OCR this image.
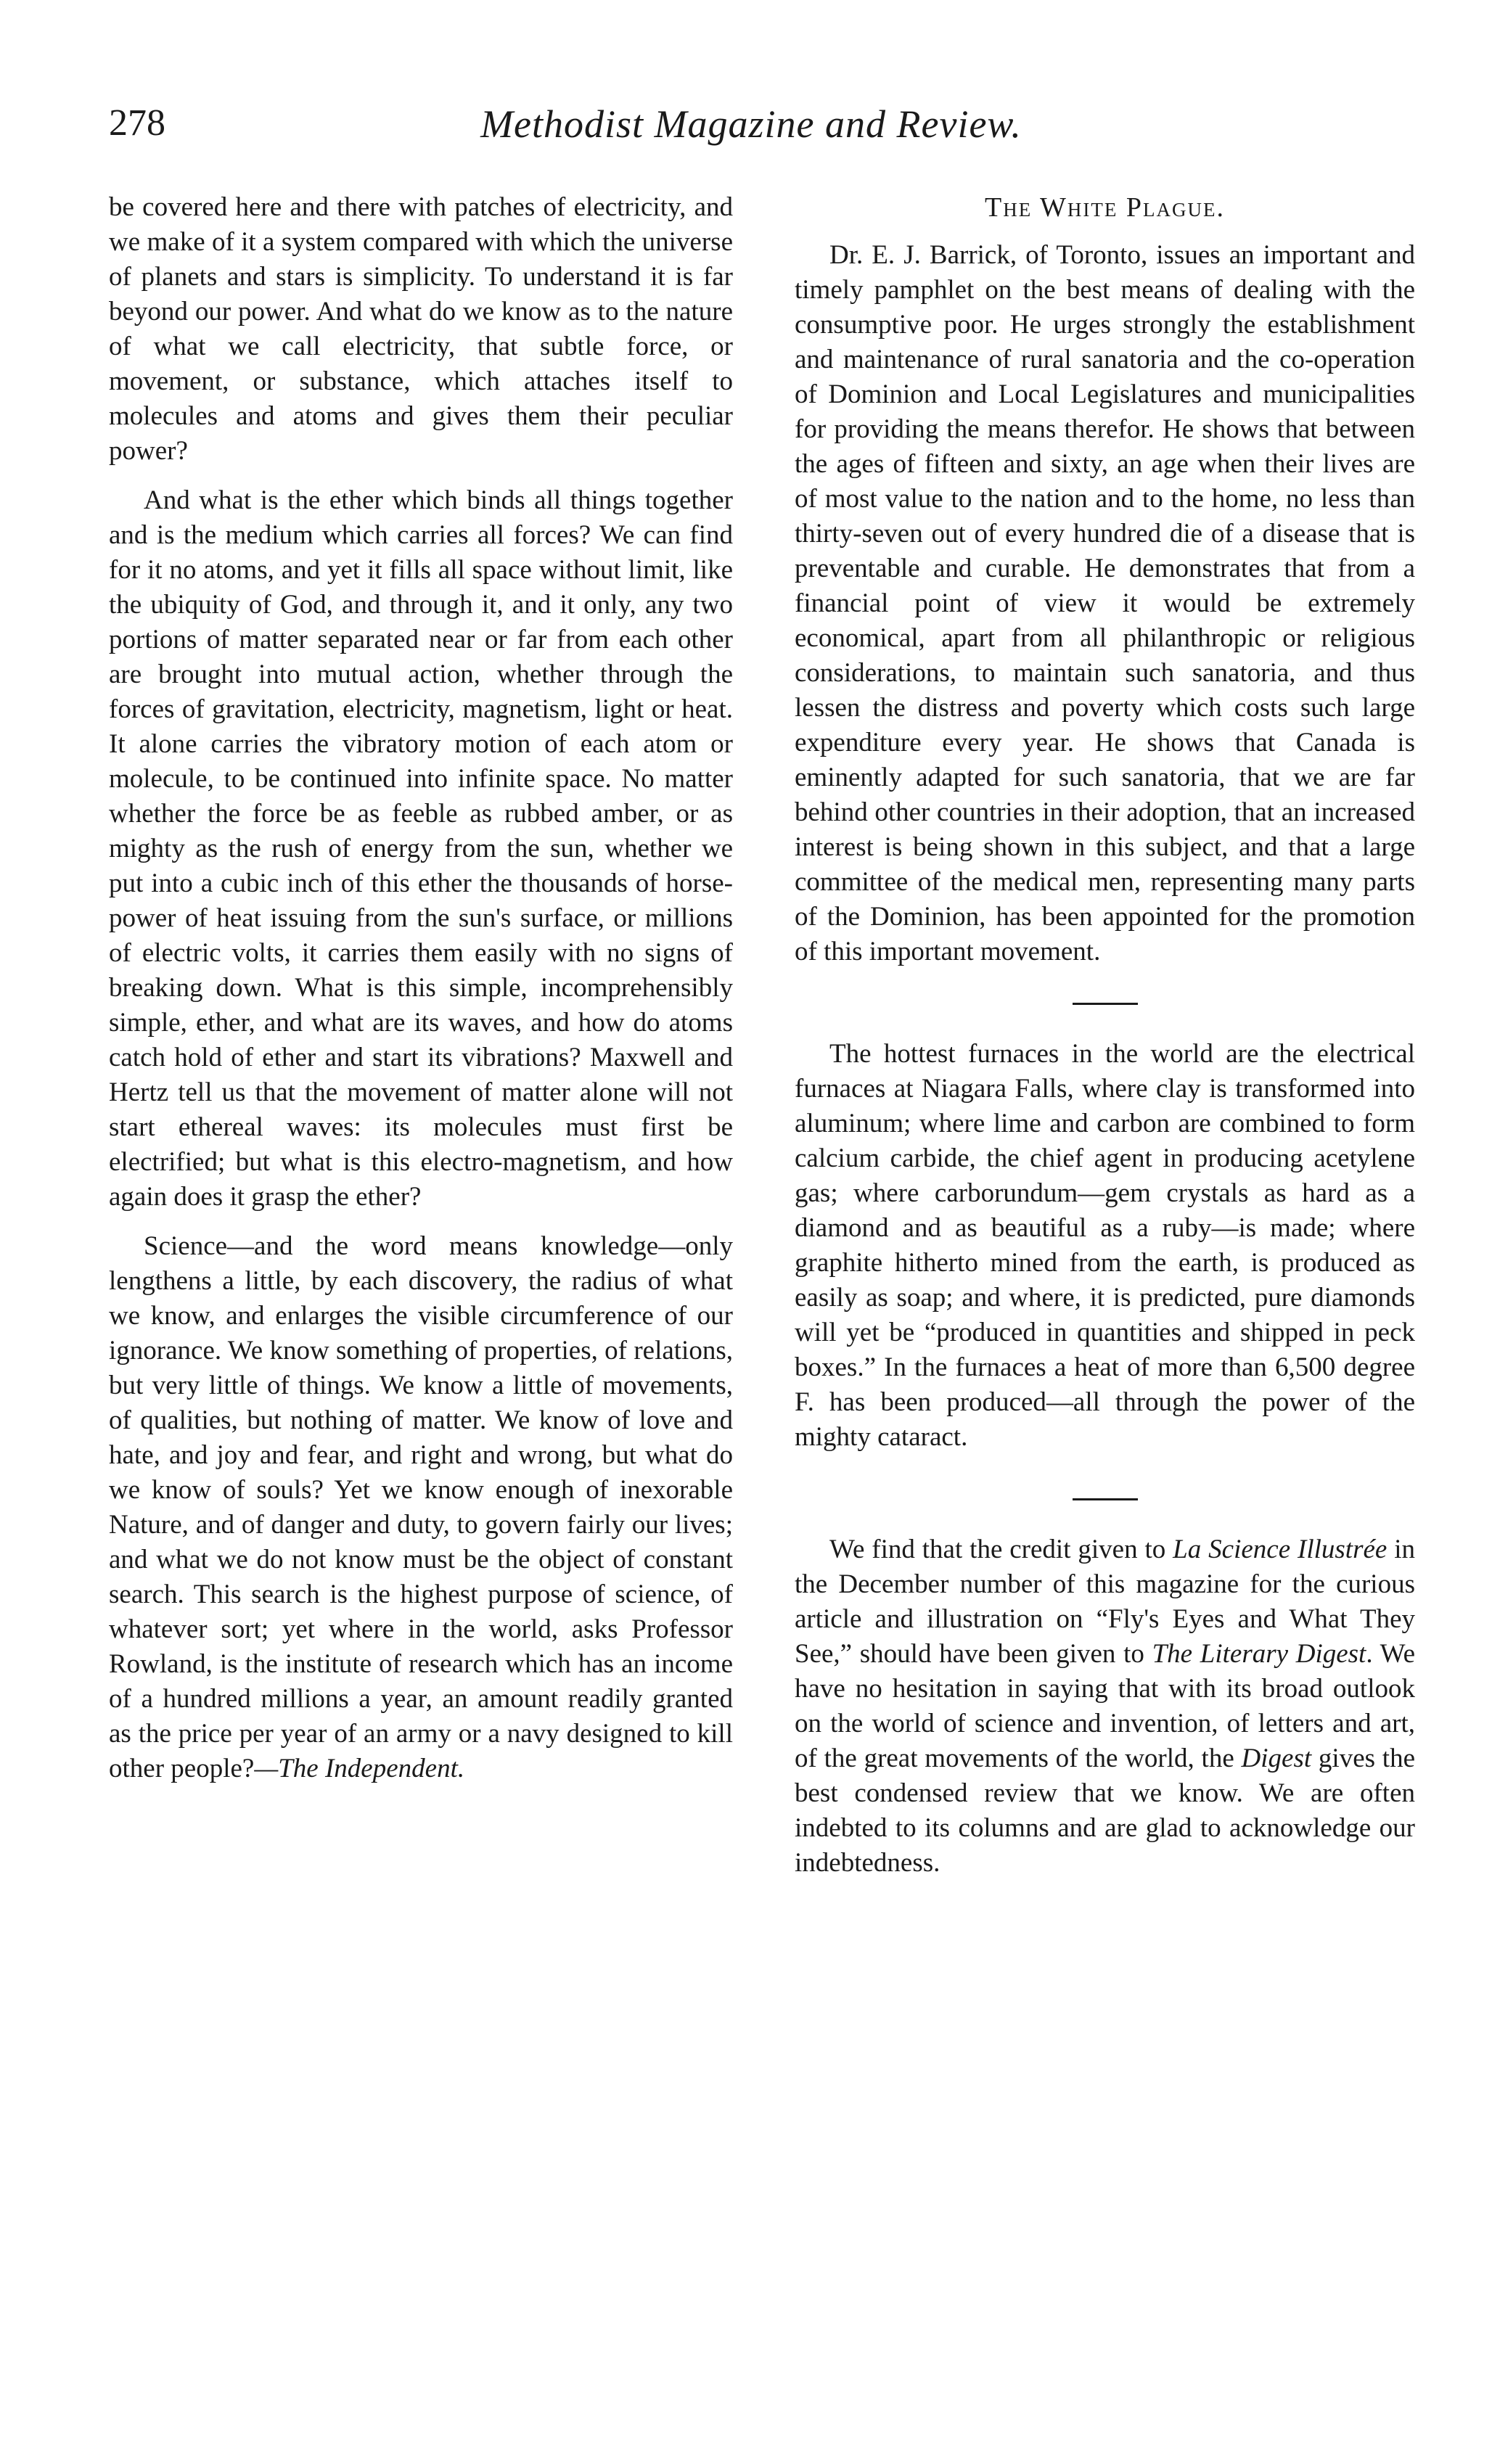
278	Methodist Magazine and Review.

be covered here and there with patches of electricity, and we make of it a system compared with which the universe of planets and stars is simplicity. To understand it is far beyond our power. And what do we know as to the nature of what we call electricity, that subtle force, or movement, or substance, which attaches itself to molecules and atoms and gives them their peculiar power?

And what is the ether which binds all things together and is the medium which carries all forces? We can find for it no atoms, and yet it fills all space without limit, like the ubiquity of God, and through it, and it only, any two portions of matter separated near or far from each other are brought into mutual action, whether through the forces of gravitation, electricity, magnetism, light or heat. It alone carries the vibratory motion of each atom or molecule, to be continued into infinite space. No matter whether the force be as feeble as rubbed amber, or as mighty as the rush of energy from the sun, whether we put into a cubic inch of this ether the thousands of horse-power of heat issuing from the sun's surface, or millions of electric volts, it carries them easily with no signs of breaking down. What is this simple, incomprehensibly simple, ether, and what are its waves, and how do atoms catch hold of ether and start its vibrations? Maxwell and Hertz tell us that the movement of matter alone will not start ethereal waves: its molecules must first be electrified; but what is this electro-magnetism, and how again does it grasp the ether?

Science—and the word means knowledge—only lengthens a little, by each discovery, the radius of what we know, and enlarges the visible circumference of our ignorance. We know something of properties, of relations, but very little of things. We know a little of movements, of qualities, but nothing of matter. We know of love and hate, and joy and fear, and right and wrong, but what do we know of souls? Yet we know enough of inexorable Nature, and of danger and duty, to govern fairly our lives; and what we do not know must be the object of constant search. This search is the highest purpose of science, of whatever sort; yet where in the world, asks Professor Rowland, is the institute of research which has an income of a hundred millions a year, an amount readily granted as the price per year of an army or a navy designed to kill other people?—The Independent.

The White Plague.

Dr. E. J. Barrick, of Toronto, issues an important and timely pamphlet on the best means of dealing with the consumptive poor. He urges strongly the establishment and maintenance of rural sanatoria and the co-operation of Dominion and Local Legislatures and municipalities for providing the means therefor. He shows that between the ages of fifteen and sixty, an age when their lives are of most value to the nation and to the home, no less than thirty-seven out of every hundred die of a disease that is preventable and curable. He demonstrates that from a financial point of view it would be extremely economical, apart from all philanthropic or religious considerations, to maintain such sanatoria, and thus lessen the distress and poverty which costs such large expenditure every year. He shows that Canada is eminently adapted for such sanatoria, that we are far behind other countries in their adoption, that an increased interest is being shown in this subject, and that a large committee of the medical men, representing many parts of the Dominion, has been appointed for the promotion of this important movement.

The hottest furnaces in the world are the electrical furnaces at Niagara Falls, where clay is transformed into aluminum; where lime and carbon are combined to form calcium carbide, the chief agent in producing acetylene gas; where carborundum—gem crystals as hard as a diamond and as beautiful as a ruby—is made; where graphite hitherto mined from the earth, is produced as easily as soap; and where, it is predicted, pure diamonds will yet be “produced in quantities and shipped in peck boxes.” In the furnaces a heat of more than 6,500 degree F. has been produced—all through the power of the mighty cataract.

We find that the credit given to La Science Illustrée in the December number of this magazine for the curious article and illustration on “Fly's Eyes and What They See,” should have been given to The Literary Digest. We have no hesitation in saying that with its broad outlook on the world of science and invention, of letters and art, of the great movements of the world, the Digest gives the best condensed review that we know. We are often indebted to its columns and are glad to acknowledge our indebtedness.
